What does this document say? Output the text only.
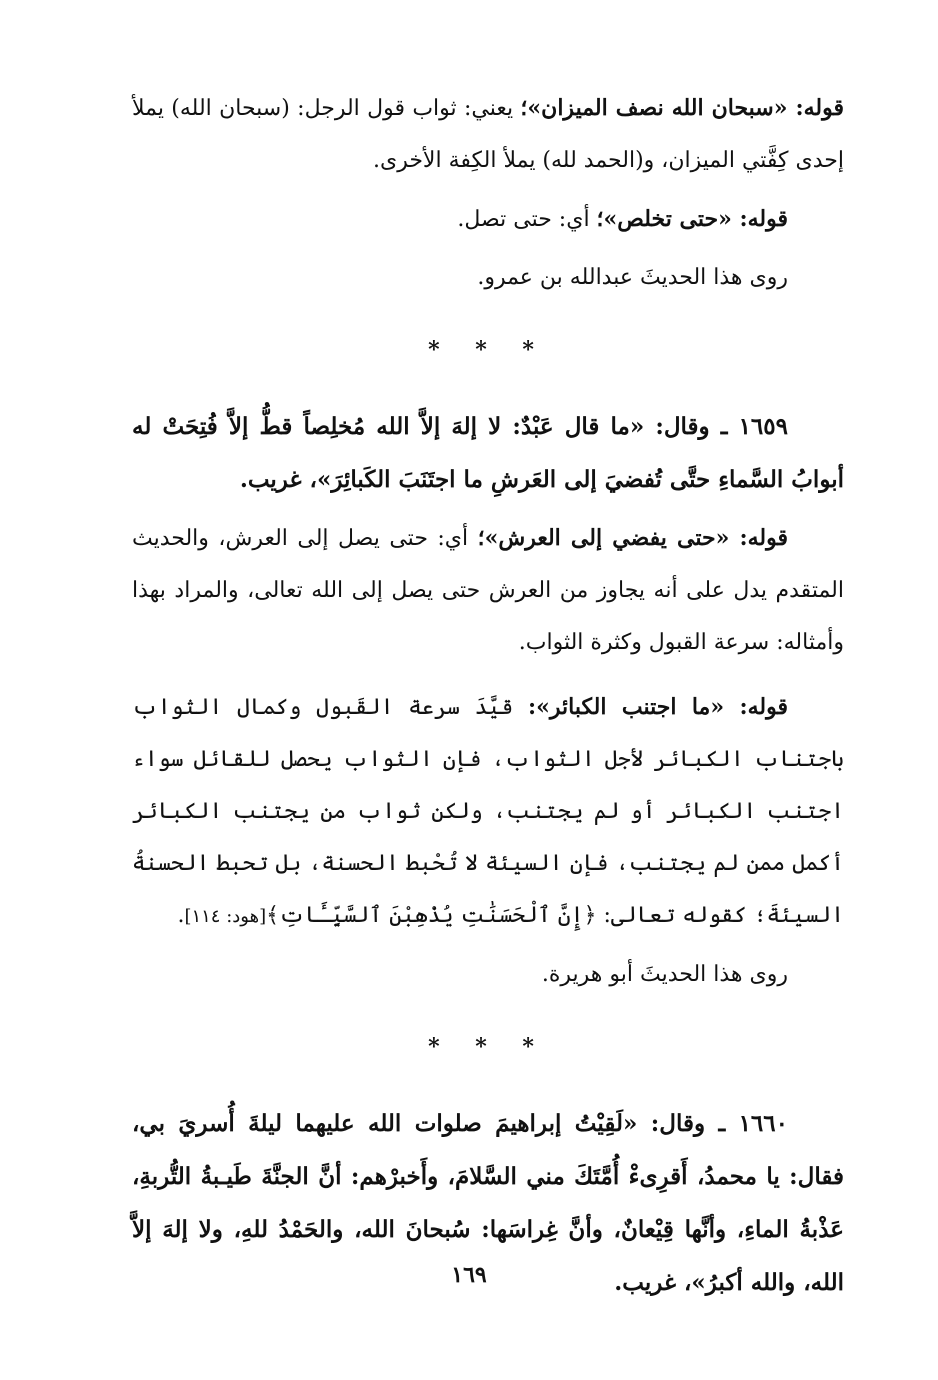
قوله: «سبحان الله نصف الميزان»؛ يعني: ثواب قول الرجل: (سبحان الله) يملأ إحدى كِفَّتي الميزان، و(الحمد لله) يملأ الكِفة الأخرى.

قوله: «حتى تخلص»؛ أي: حتى تصل.

روى هذا الحديثَ عبدالله بن عمرو.

* * *

١٦٥٩ ـ وقال: «ما قال عَبْدٌ: لا إلهَ إلاَّ الله مُخلِصاً قطُّ إلاَّ فُتِحَتْ له أبوابُ السَّماءِ حتَّى تُفضيَ إلى العَرشِ ما اجتَنَبَ الكَبائِرَ»، غريب.

قوله: «حتى يفضي إلى العرش»؛ أي: حتى يصل إلى العرش، والحديث المتقدم يدل على أنه يجاوز من العرش حتى يصل إلى الله تعالى، والمراد بهذا وأمثاله: سرعة القبول وكثرة الثواب.

قوله: «ما اجتنب الكبائر»: قيَّدَ سرعة القَبول وكمال الثواب باجتناب الكبائر لأجل الثواب، فإن الثواب يحصل للقائل سواء اجتنب الكبائر أو لم يجتنب، ولكن ثواب من يجتنب الكبائر أكمل ممن لم يجتنب، فإن السيئة لا تُحْبط الحسنة، بل تحبط الحسنةُ السيئةَ؛ كقوله تعالى: ﴿إِنَّ ٱلْحَسَنَٰتِ يُذْهِبْنَ ٱلسَّيِّـَٔاتِ﴾[هود: ١١٤].

روى هذا الحديثَ أبو هريرة.

* * *

١٦٦٠ ـ وقال: «لَقِيْتُ إبراهيمَ صلوات الله عليهما ليلةَ أُسريَ بي، فقال: يا محمدُ، أَقرِىءْ أُمَّتَكَ مني السَّلامَ، وأَخبرْهم: أنَّ الجنَّةَ طَيـبةُ التُّربةِ، عَذْبةُ الماءِ، وأنَّها قِيْعانٌ، وأنَّ غِراسَها: سُبحانَ الله، والحَمْدُ للهِ، ولا إلهَ إلاَّ الله، والله أكبرُ»، غريب.

١٦٩
